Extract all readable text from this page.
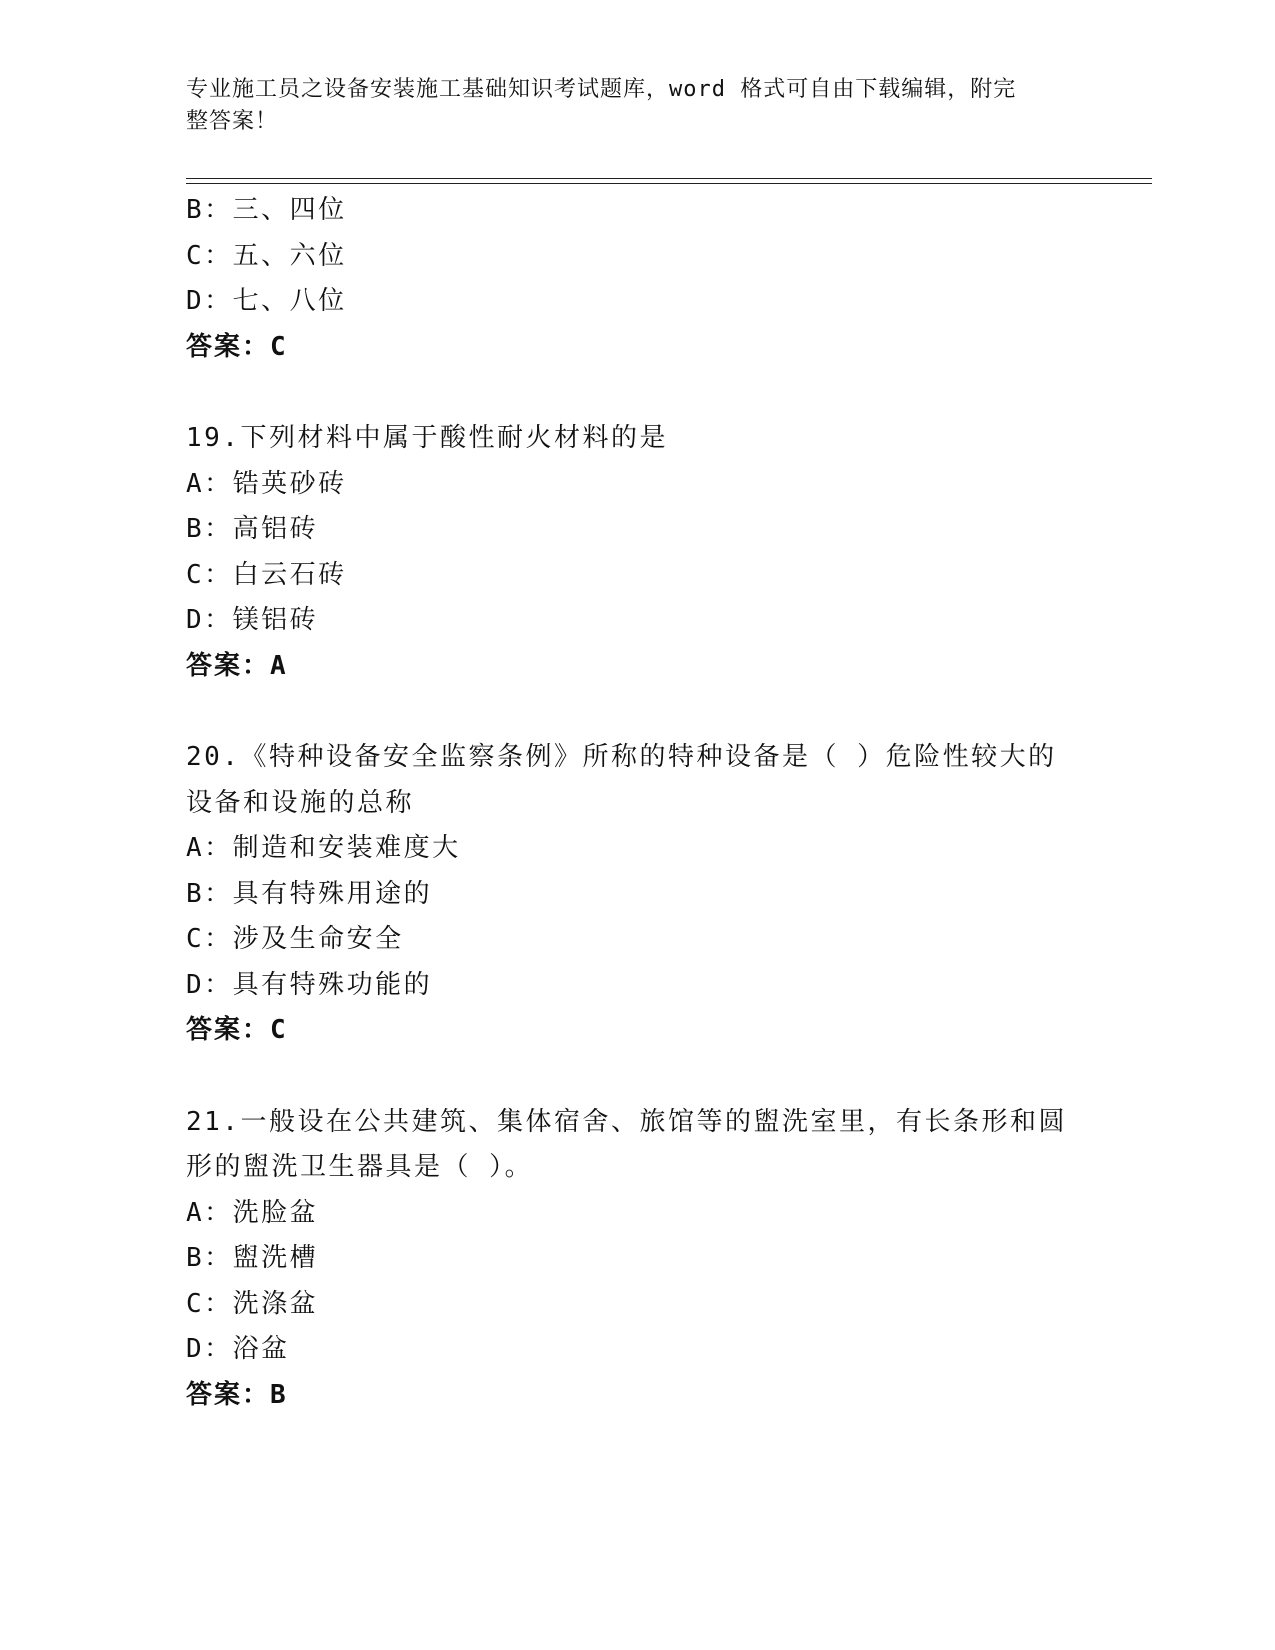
专业施工员之设备安装施工基础知识考试题库，word 格式可自由下载编辑，附完
整答案！
B：三、四位
C：五、六位
D：七、八位
答案：C
19.下列材料中属于酸性耐火材料的是
A：锆英砂砖
B：高铝砖
C：白云石砖
D：镁铝砖
答案：A
20.《特种设备安全监察条例》所称的特种设备是（ ）危险性较大的
设备和设施的总称
A：制造和安装难度大
B：具有特殊用途的
C：涉及生命安全
D：具有特殊功能的
答案：C
21.一般设在公共建筑、集体宿舍、旅馆等的盥洗室里，有长条形和圆
形的盥洗卫生器具是（ ）。
A：洗脸盆
B：盥洗槽
C：洗涤盆
D：浴盆
答案：B
